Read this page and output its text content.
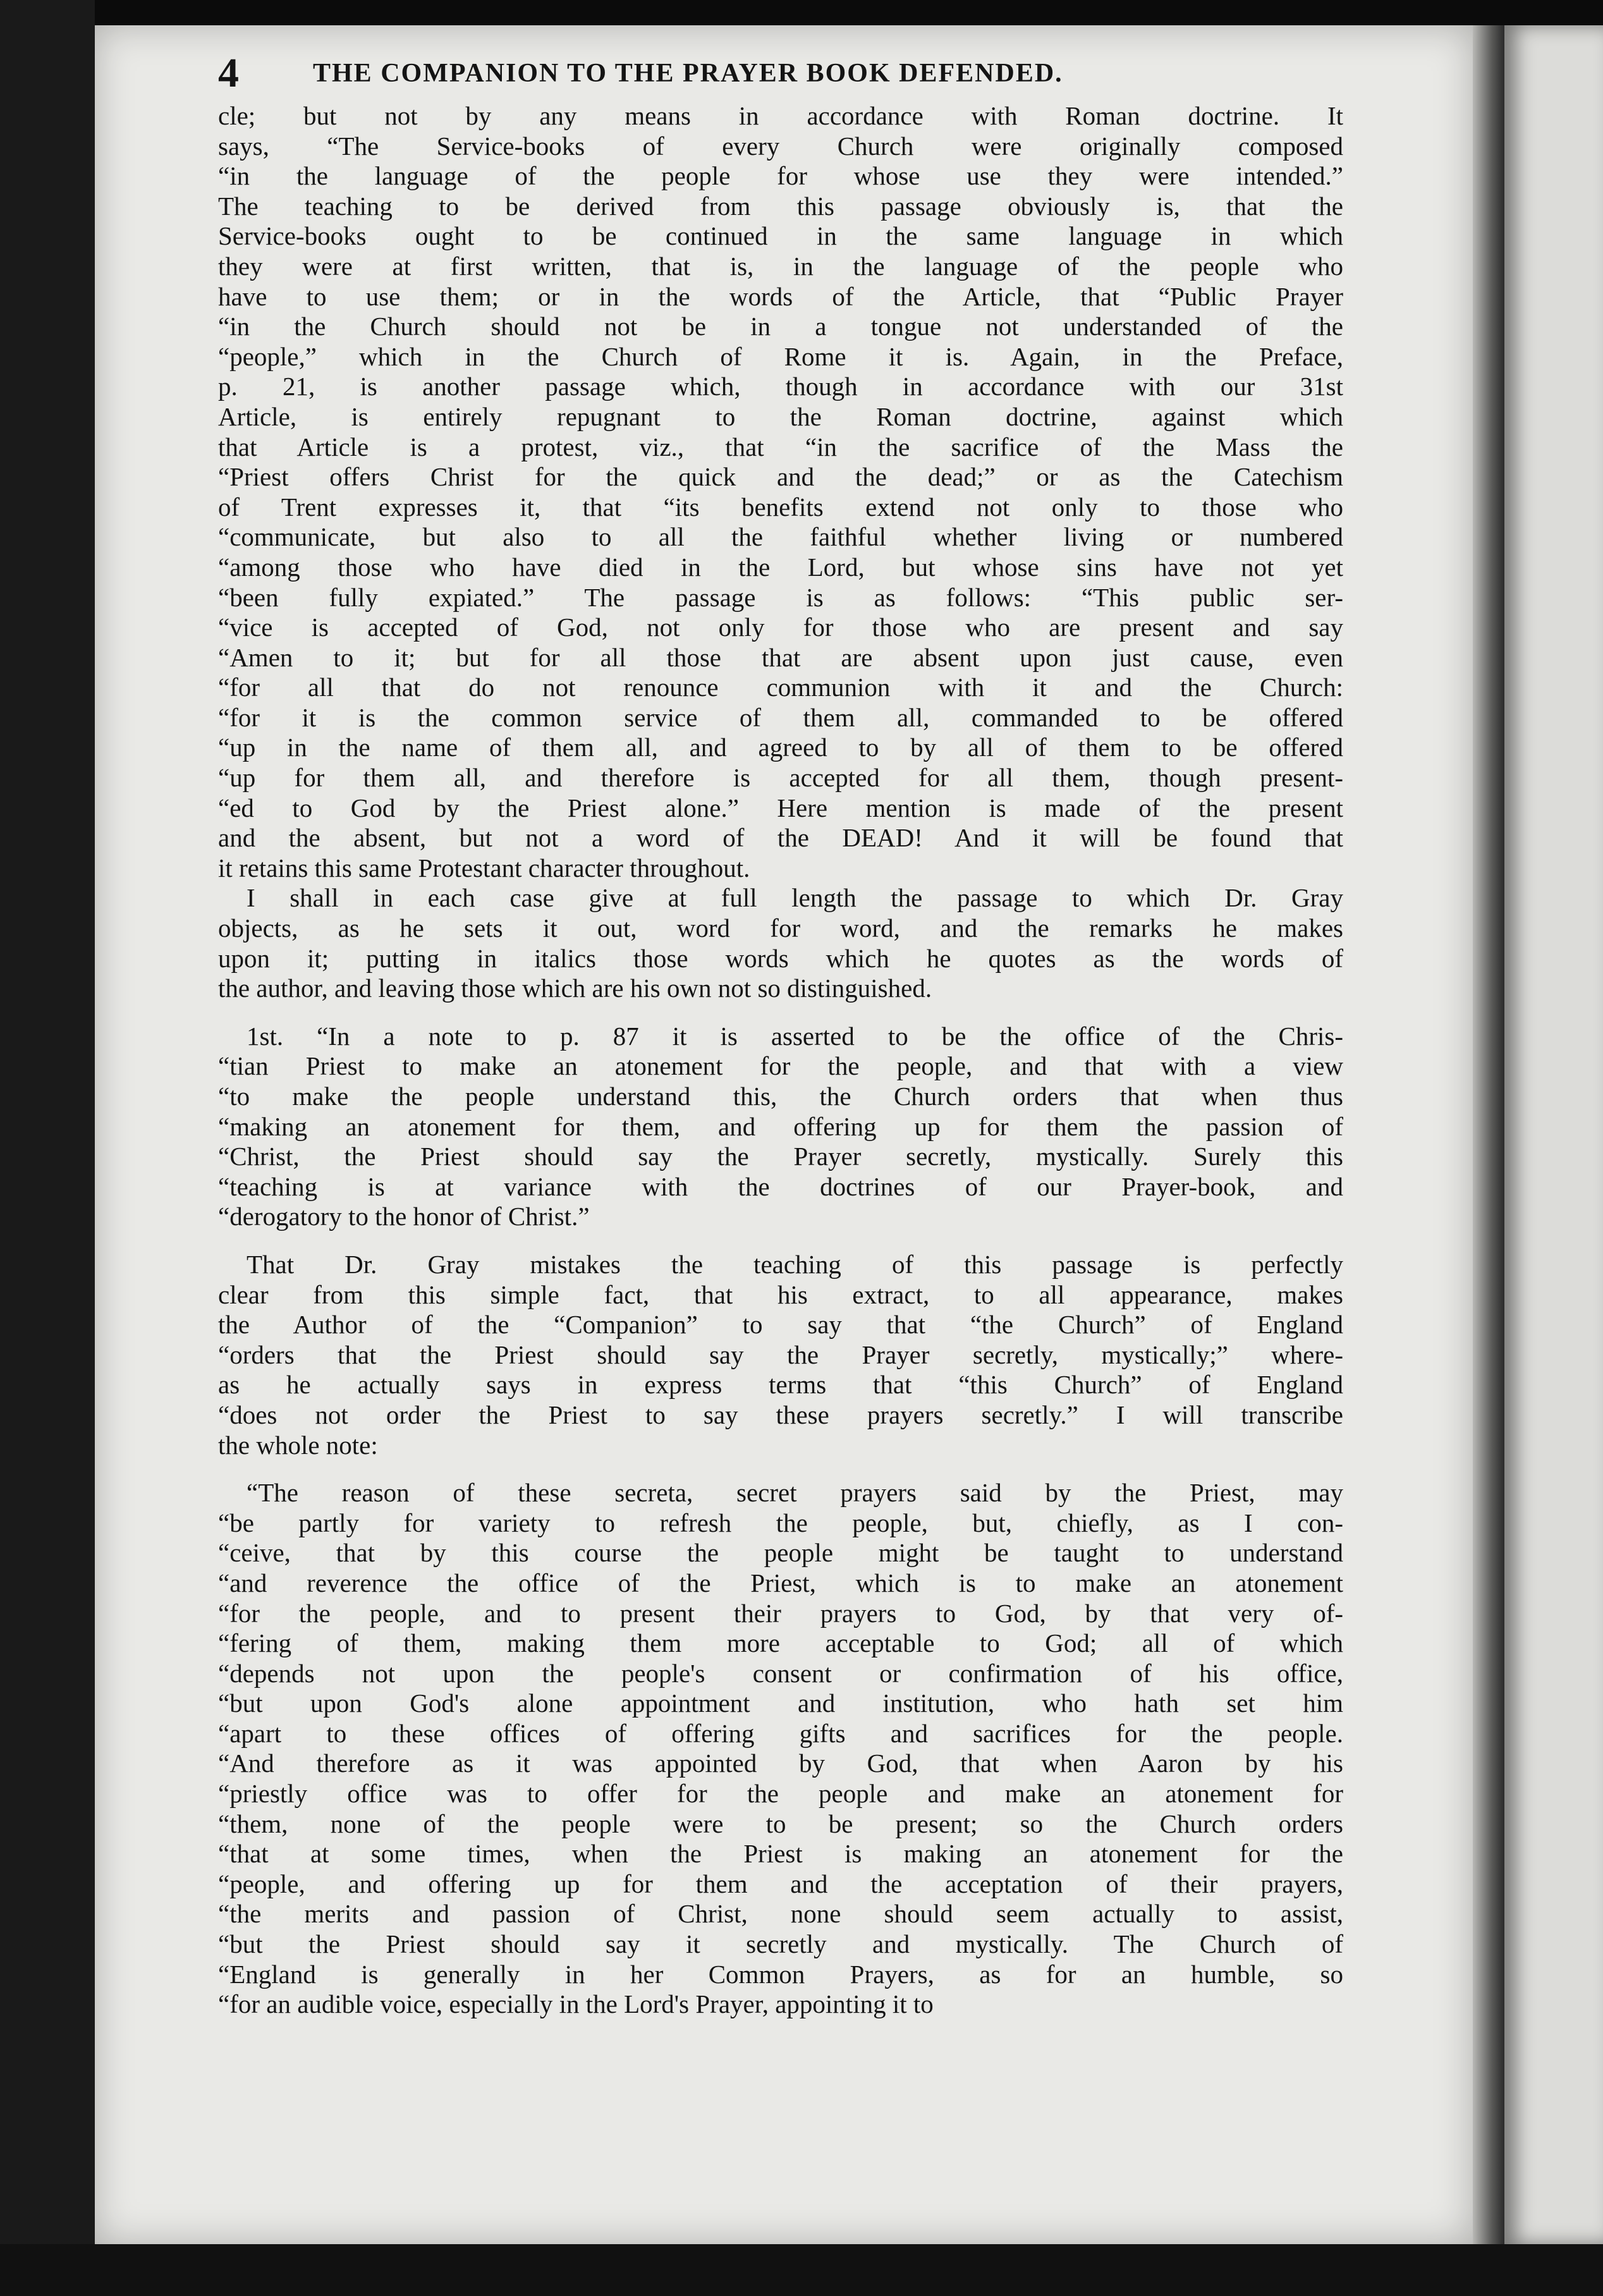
4	THE COMPANION TO THE PRAYER BOOK DEFENDED.

cle; but not by any means in accordance with Roman doctrine. It
says, “The Service-books of every Church were originally composed
“in the language of the people for whose use they were intended.”
The teaching to be derived from this passage obviously is, that the
Service-books ought to be continued in the same language in which
they were at first written, that is, in the language of the people who
have to use them; or in the words of the Article, that “Public Prayer
“in the Church should not be in a tongue not understanded of the
“people,” which in the Church of Rome it is. Again, in the Preface,
p. 21, is another passage which, though in accordance with our 31st
Article, is entirely repugnant to the Roman doctrine, against which
that Article is a protest, viz., that “in the sacrifice of the Mass the
“Priest offers Christ for the quick and the dead;” or as the Catechism
of Trent expresses it, that “its benefits extend not only to those who
“communicate, but also to all the faithful whether living or numbered
“among those who have died in the Lord, but whose sins have not yet
“been fully expiated.” The passage is as follows: “This public ser-
“vice is accepted of God, not only for those who are present and say
“Amen to it; but for all those that are absent upon just cause, even
“for all that do not renounce communion with it and the Church:
“for it is the common service of them all, commanded to be offered
“up in the name of them all, and agreed to by all of them to be offered
“up for them all, and therefore is accepted for all them, though present-
“ed to God by the Priest alone.” Here mention is made of the present
and the absent, but not a word of the DEAD! And it will be found that
it retains this same Protestant character throughout.

I shall in each case give at full length the passage to which Dr. Gray
objects, as he sets it out, word for word, and the remarks he makes
upon it; putting in italics those words which he quotes as the words of
the author, and leaving those which are his own not so distinguished.

1st. “In a note to p. 87 it is asserted to be the office of the Chris-
“tian Priest to make an atonement for the people, and that with a view
“to make the people understand this, the Church orders that when thus
“making an atonement for them, and offering up for them the passion of
“Christ, the Priest should say the Prayer secretly, mystically. Surely this
“teaching is at variance with the doctrines of our Prayer-book, and
“derogatory to the honor of Christ.”

That Dr. Gray mistakes the teaching of this passage is perfectly
clear from this simple fact, that his extract, to all appearance, makes
the Author of the “Companion” to say that “the Church” of England
“orders that the Priest should say the Prayer secretly, mystically;” where-
as he actually says in express terms that “this Church” of England
“does not order the Priest to say these prayers secretly.” I will transcribe
the whole note:

“The reason of these secreta, secret prayers said by the Priest, may
“be partly for variety to refresh the people, but, chiefly, as I con-
“ceive, that by this course the people might be taught to understand
“and reverence the office of the Priest, which is to make an atonement
“for the people, and to present their prayers to God, by that very of-
“fering of them, making them more acceptable to God; all of which
“depends not upon the people's consent or confirmation of his office,
“but upon God's alone appointment and institution, who hath set him
“apart to these offices of offering gifts and sacrifices for the people.
“And therefore as it was appointed by God, that when Aaron by his
“priestly office was to offer for the people and make an atonement for
“them, none of the people were to be present; so the Church orders
“that at some times, when the Priest is making an atonement for the
“people, and offering up for them and the acceptation of their prayers,
“the merits and passion of Christ, none should seem actually to assist,
“but the Priest should say it secretly and mystically. The Church of
“England is generally in her Common Prayers, as for an humble, so
“for an audible voice, especially in the Lord's Prayer, appointing it to
